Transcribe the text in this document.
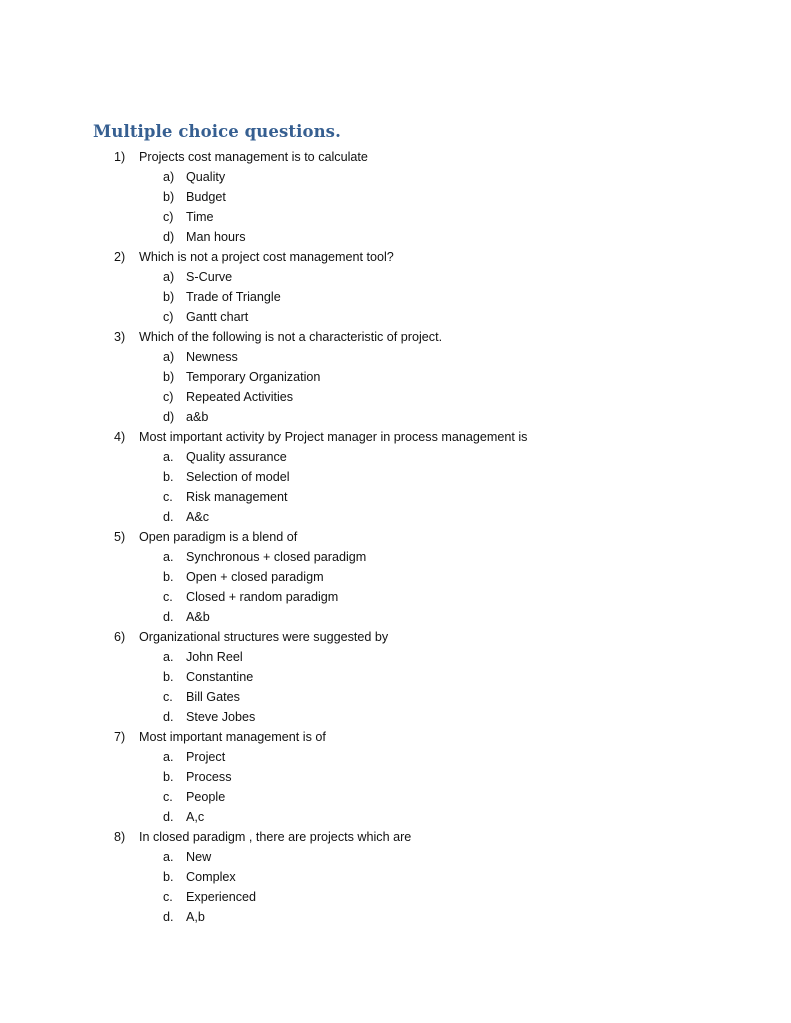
Multiple choice questions.
1) Projects cost management is to calculate
a) Quality
b) Budget
c) Time
d) Man hours
2) Which is not a project cost management tool?
a) S-Curve
b) Trade of Triangle
c) Gantt chart
3) Which of the following is not a characteristic of project.
a) Newness
b) Temporary Organization
c) Repeated Activities
d) a&b
4) Most important activity by Project manager in process management is
a. Quality assurance
b. Selection of model
c. Risk management
d. A&c
5) Open paradigm is a blend of
a. Synchronous + closed paradigm
b. Open + closed paradigm
c. Closed + random paradigm
d. A&b
6) Organizational structures were suggested by
a. John Reel
b. Constantine
c. Bill Gates
d. Steve Jobes
7) Most important management is of
a. Project
b. Process
c. People
d. A,c
8) In closed paradigm , there are projects which are
a. New
b. Complex
c. Experienced
d. A,b
